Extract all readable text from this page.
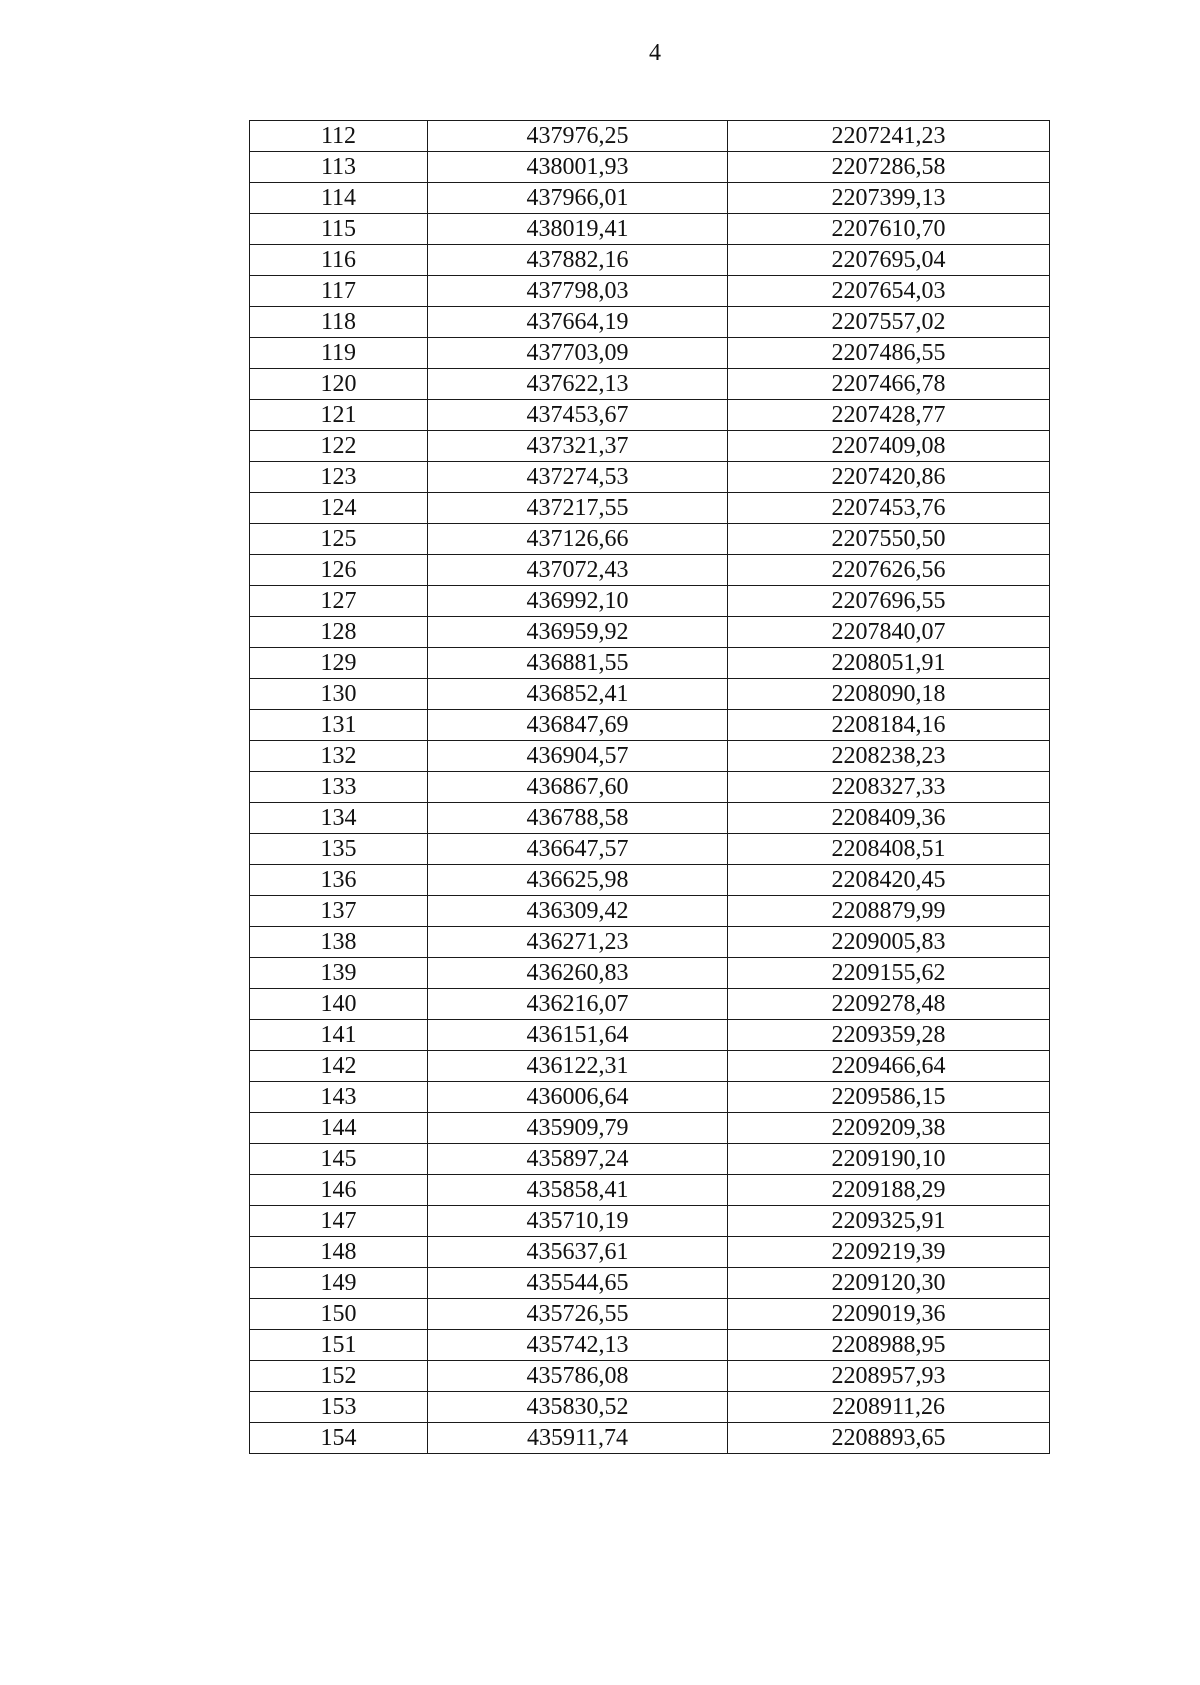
4
112	437976,25	2207241,23
113	438001,93	2207286,58
114	437966,01	2207399,13
115	438019,41	2207610,70
116	437882,16	2207695,04
117	437798,03	2207654,03
118	437664,19	2207557,02
119	437703,09	2207486,55
120	437622,13	2207466,78
121	437453,67	2207428,77
122	437321,37	2207409,08
123	437274,53	2207420,86
124	437217,55	2207453,76
125	437126,66	2207550,50
126	437072,43	2207626,56
127	436992,10	2207696,55
128	436959,92	2207840,07
129	436881,55	2208051,91
130	436852,41	2208090,18
131	436847,69	2208184,16
132	436904,57	2208238,23
133	436867,60	2208327,33
134	436788,58	2208409,36
135	436647,57	2208408,51
136	436625,98	2208420,45
137	436309,42	2208879,99
138	436271,23	2209005,83
139	436260,83	2209155,62
140	436216,07	2209278,48
141	436151,64	2209359,28
142	436122,31	2209466,64
143	436006,64	2209586,15
144	435909,79	2209209,38
145	435897,24	2209190,10
146	435858,41	2209188,29
147	435710,19	2209325,91
148	435637,61	2209219,39
149	435544,65	2209120,30
150	435726,55	2209019,36
151	435742,13	2208988,95
152	435786,08	2208957,93
153	435830,52	2208911,26
154	435911,74	2208893,65
